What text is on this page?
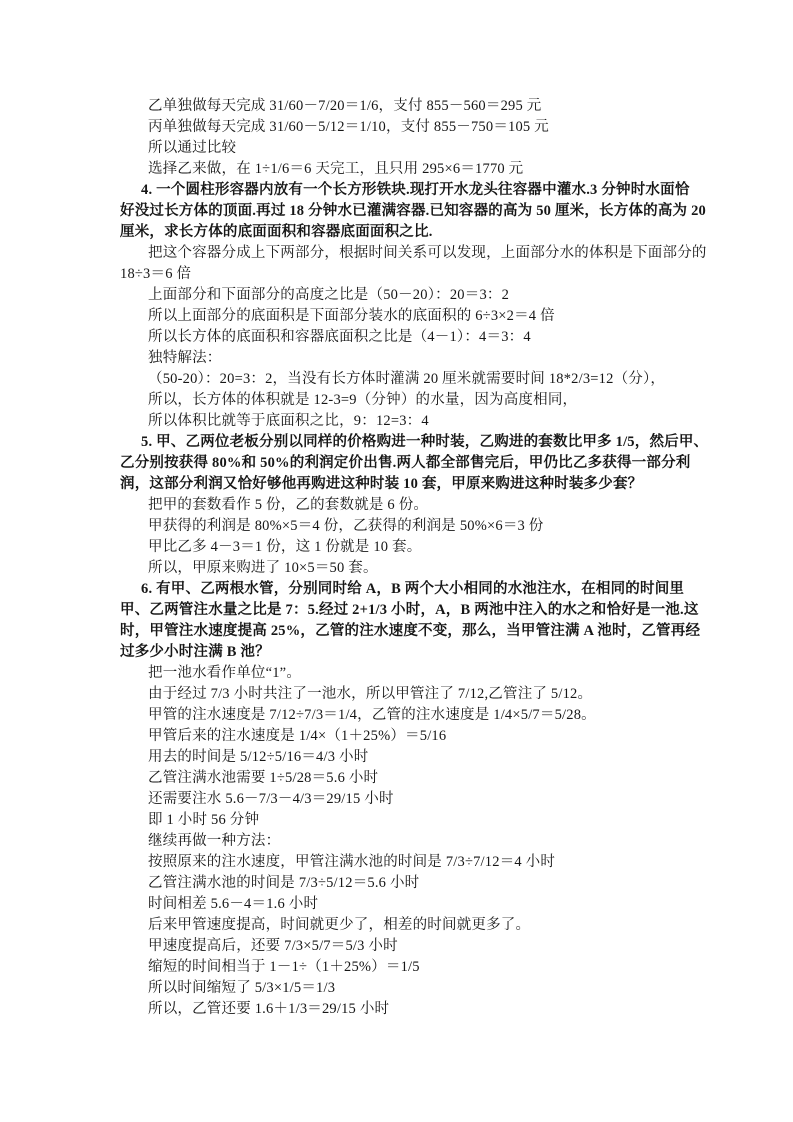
乙单独做每天完成 31/60－7/20＝1/6，支付 855－560＝295 元
丙单独做每天完成 31/60－5/12＝1/10，支付 855－750＝105 元
所以通过比较
选择乙来做，在 1÷1/6＝6 天完工，且只用 295×6＝1770 元
4. 一个圆柱形容器内放有一个长方形铁块.现打开水龙头往容器中灌水.3 分钟时水面恰
好没过长方体的顶面.再过 18 分钟水已灌满容器.已知容器的高为 50 厘米，长方体的高为 20
厘米，求长方体的底面面积和容器底面面积之比.
把这个容器分成上下两部分，根据时间关系可以发现，上面部分水的体积是下面部分的
18÷3＝6 倍
上面部分和下面部分的高度之比是（50－20）：20＝3：2
所以上面部分的底面积是下面部分装水的底面积的 6÷3×2＝4 倍
所以长方体的底面积和容器底面积之比是（4－1）：4＝3：4
独特解法：
（50-20）：20=3：2，当没有长方体时灌满 20 厘米就需要时间 18*2/3=12（分），
所以，长方体的体积就是 12-3=9（分钟）的水量，因为高度相同，
所以体积比就等于底面积之比，9：12=3：4
5. 甲、乙两位老板分别以同样的价格购进一种时装，乙购进的套数比甲多 1/5，然后甲、
乙分别按获得 80%和 50%的利润定价出售.两人都全部售完后，甲仍比乙多获得一部分利
润，这部分利润又恰好够他再购进这种时装 10 套，甲原来购进这种时装多少套？
把甲的套数看作 5 份，乙的套数就是 6 份。
甲获得的利润是 80%×5＝4 份，乙获得的利润是 50%×6＝3 份
甲比乙多 4－3＝1 份，这 1 份就是 10 套。
所以，甲原来购进了 10×5＝50 套。
6. 有甲、乙两根水管，分别同时给 A，B 两个大小相同的水池注水，在相同的时间里
甲、乙两管注水量之比是 7：5.经过 2+1/3 小时，A，B 两池中注入的水之和恰好是一池.这
时，甲管注水速度提高 25%，乙管的注水速度不变，那么，当甲管注满 A 池时，乙管再经
过多少小时注满 B 池？
把一池水看作单位“1”。
由于经过 7/3 小时共注了一池水，所以甲管注了 7/12,乙管注了 5/12。
甲管的注水速度是 7/12÷7/3＝1/4，乙管的注水速度是 1/4×5/7＝5/28。
甲管后来的注水速度是 1/4×（1＋25%）＝5/16
用去的时间是 5/12÷5/16＝4/3 小时
乙管注满水池需要 1÷5/28＝5.6 小时
还需要注水 5.6－7/3－4/3＝29/15 小时
即 1 小时 56 分钟
继续再做一种方法：
按照原来的注水速度，甲管注满水池的时间是 7/3÷7/12＝4 小时
乙管注满水池的时间是 7/3÷5/12＝5.6 小时
时间相差 5.6－4＝1.6 小时
后来甲管速度提高，时间就更少了，相差的时间就更多了。
甲速度提高后，还要 7/3×5/7＝5/3 小时
缩短的时间相当于 1－1÷（1＋25%）＝1/5
所以时间缩短了 5/3×1/5＝1/3
所以，乙管还要 1.6＋1/3＝29/15 小时
